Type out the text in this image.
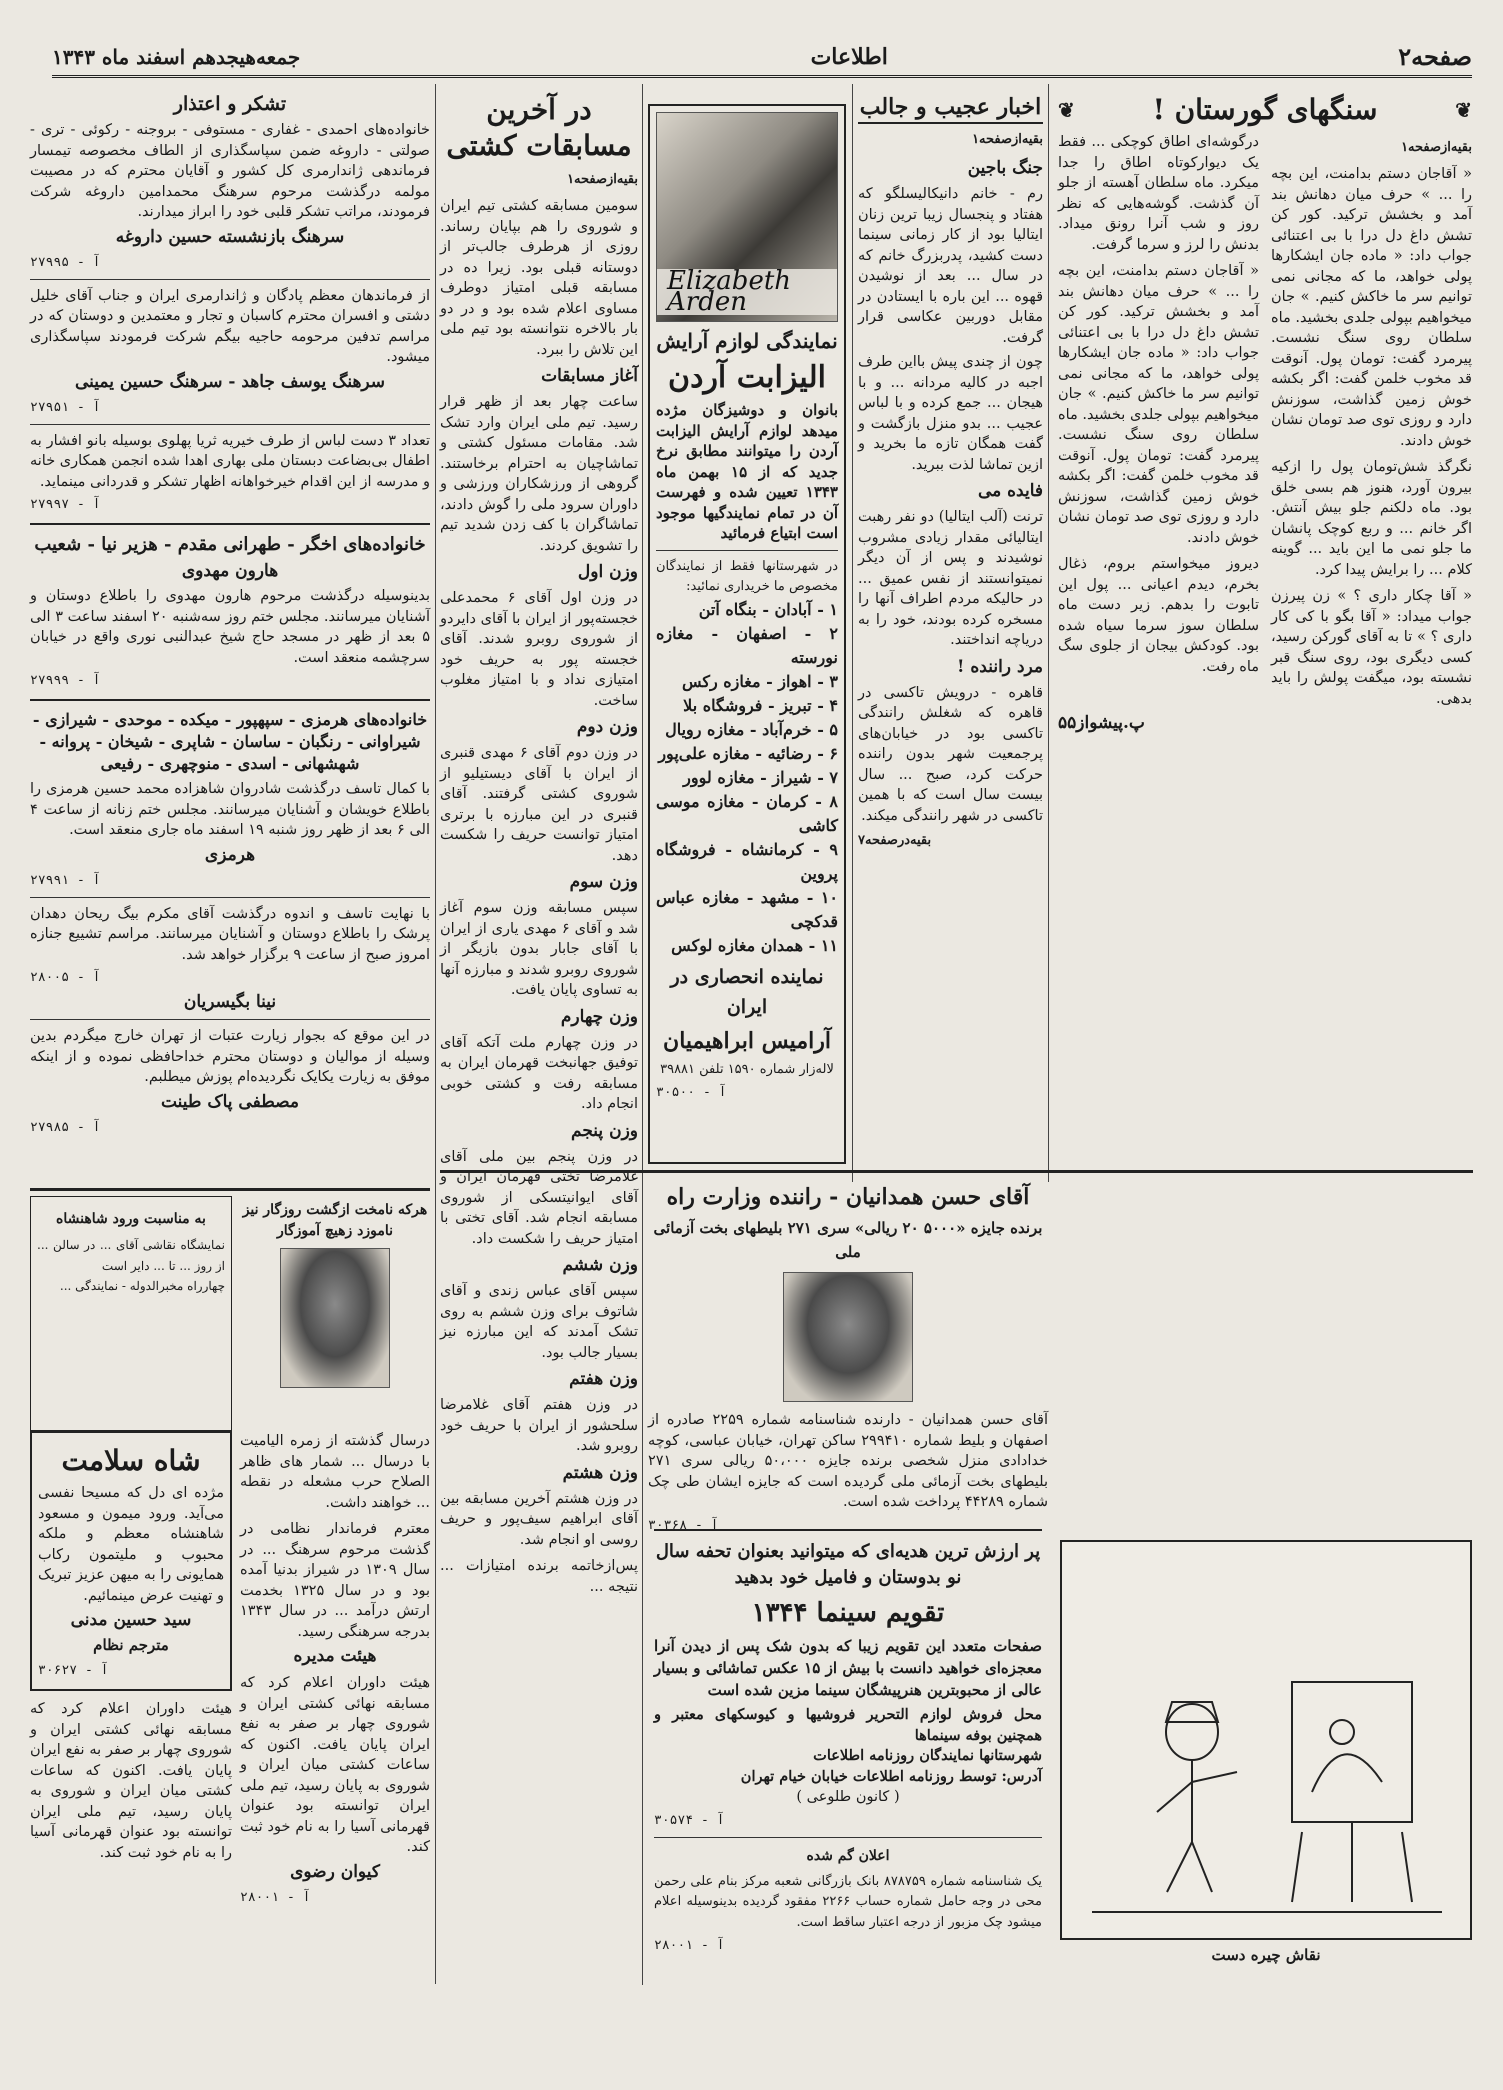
صفحه۲
اطلاعات
جمعه‌هیجدهم اسفند ماه ۱۳۴۳
❦
سنگهای گورستان !
❦
بقیه‌ازصفحه۱

« آقاجان دستم بدامنت، این بچه را ... » حرف میان دهانش بند آمد و بخشش ترکید. کور کن تشش داغ دل درا با بی اعتنائی جواب داد: « ماده جان ایشکارها پولی خواهد، ما که مجانی نمی توانیم سر ما خاکش کنیم. » جان میخواهیم بپولی جلدی بخشید. ماه سلطان روی سنگ نشست. پیرمرد گفت: تومان پول. آنوقت قد مخوب خلمن گفت: اگر بکشه خوش زمین گذاشت، سوزنش دارد و روزی توی صد تومان نشان خوش دادند.

نگرگذ شش‌تومان پول را ازکیه بیرون آورد، هنوز هم بسی خلق بود. ماه دلکنم جلو بیش آنتش. اگر خانم ... و ربع کوچک پانشان ما جلو نمی ما این باید ... گوینه کلام ... را برایش پیدا کرد.

« آقا چکار داری ؟ » زن پیرزن جواب میداد: ‌« آقا بگو با کی کار داری ؟ » تا به آقای گورکن رسید، کسی دیگری بود، روی سنگ قبر نشسته بود، میگفت پولش را باید بدهی.

درگوشه‌ای اطاق کوچکی ... فقط یک دیوارکوتاه اطاق را جدا میکرد. ماه سلطان آهسته از جلو آن گذشت. گوشه‌هایی که نظر روز و شب آنرا رونق میداد. بدنش را لرز و سرما گرفت.

« آقاجان دستم بدامنت، این بچه را ... » حرف میان دهانش بند آمد و بخشش ترکید. کور کن تشش داغ دل درا با بی اعتنائی جواب داد: « ماده جان ایشکارها پولی خواهد، ما که مجانی نمی توانیم سر ما خاکش کنیم. » جان میخواهیم بپولی جلدی بخشید. ماه سلطان روی سنگ نشست. پیرمرد گفت: تومان پول. آنوقت قد مخوب خلمن گفت: اگر بکشه خوش زمین گذاشت، سوزنش دارد و روزی توی صد تومان نشان خوش دادند.

دیروز میخواستم بروم، ذغال بخرم، دیدم اعیانی ... پول این تابوت را بدهم. زیر دست ماه سلطان سوز سرما سیاه شده بود. کودکش بیجان از جلوی سگ ماه رفت.

پ.پیشواز۵۵
اخبار عجیب و جالب
بقیه‌ازصفحه۱
جنگ باجین

رم - خانم دانیکالیسلگو که هفتاد و پنجسال زیبا ترین زنان ایتالیا بود از کار زمانی سینما دست کشید، پدربزرگ خانم که در سال ... بعد از نوشیدن قهوه ... این باره با ایستادن در مقابل دوربین عکاسی قرار گرفت.

چون از چندی پیش بااین طرف اجبه در کالیه مردانه ... و با هیجان ... جمع کرده و با لباس عجیب ... بدو منزل بازگشت و گفت همگان تازه ما بخرید و ازین تماشا لذت ببرید.

فایده می

ترنت (آلب ایتالیا) دو نفر رهبت ایتالیائی مقدار زیادی مشروب نوشیدند و پس از آن دیگر نمیتوانستند از نفس عمیق ... در حالیکه مردم اطراف آنها را مسخره کرده بودند، خود را به دریاچه انداختند.

مرد راننده !

قاهره - درویش تاکسی در قاهره که شغلش رانندگی تاکسی بود در خیابان‌های پرجمعیت شهر بدون راننده حرکت کرد، صبح ... سال بیست سال است که با همین تاکسی در شهر رانندگی میکند.

بقیه‌درصفحه۷
Elizabeth Arden
نمایندگی لوازم آرایش
الیزابت آردن

بانوان و دوشیزگان مژده میدهد لوازم آرایش الیزابت آردن را میتوانند مطابق نرخ جدید که از ۱۵ بهمن ماه ۱۳۴۳ تعیین شده و فهرست آن در تمام نمایندگیها موجود است ابتیاع فرمائید

در شهرستانها فقط از نمایندگان مخصوص ما خریداری نمائید:

۱ - آبادان - بنگاه آتن
۲ - اصفهان - مغازه نورسته
۳ - اهواز - مغازه رکس
۴ - تبریز - فروشگاه بلا
۵ - خرم‌آباد - مغازه رویال
۶ - رضائیه - مغازه علی‌پور
۷ - شیراز - مغازه لوور
۸ - کرمان - مغازه موسی کاشی
۹ - کرمانشاه - فروشگاه پروین
۱۰ - مشهد - مغازه عباس قدکچی
۱۱ - همدان مغازه لوکس
نماینده انحصاری در ایران
آرامیس ابراهیمیان

لاله‌زار شماره ۱۵۹۰ تلفن ۳۹۸۸۱

آ - ۳۰۵۰۰
در آخرین مسابقات کشتی
بقیه‌ازصفحه۱

سومین مسابقه کشتی تیم ایران و شوروی را هم بپایان رساند. روزی از هرطرف جالب‌تر از دوستانه قبلی بود. زیرا ده در مسابقه قبلی امتیاز دوطرف مساوی اعلام شده بود و در دو بار بالاخره نتوانسته بود تیم ملی این تلاش را ببرد.

آغاز مسابقات

ساعت چهار بعد از ظهر قرار رسید. تیم ملی ایران وارد تشک شد. مقامات مسئول کشتی و تماشاچیان به احترام برخاستند. گروهی از ورزشکاران ورزشی و داوران سرود ملی را گوش دادند، تماشاگران با کف زدن شدید تیم را تشویق کردند.

وزن اول

در وزن اول آقای ۶ محمدعلی خجسته‌پور از ایران با آقای دایردو از شوروی روبرو شدند. آقای خجسته پور به حریف خود امتیازی نداد و با امتیاز مغلوب ساخت.

وزن دوم

در وزن دوم آقای ۶ مهدی‌ قنبری از ایران با آقای دیستیلیو از شوروی کشتی گرفتند. آقای قنبری در این مبارزه با برتری امتیاز توانست حریف را شکست دهد.

وزن سوم

سپس مسابقه وزن سوم آغاز شد و آقای ۶ مهدی یاری از ایران با آقای جابار بدون بازیگر از شوروی روبرو شدند و مبارزه آنها به تساوی پایان یافت.

وزن چهارم

در وزن چهارم ملت آتکه آقای توفیق جهانبخت قهرمان ایران به مسابقه رفت و کشتی خوبی انجام داد.

وزن پنجم

در وزن پنجم بین ملی آقای غلامرضا تختی قهرمان ایران و آقای ایوانیتسکی از شوروی مسابقه انجام شد. آقای تختی با امتیاز حریف را شکست داد.

وزن ششم

سپس آقای عباس زندی و آقای شاتوف برای وزن ششم به روی تشک آمدند که این مبارزه نیز بسیار جالب بود.

وزن هفتم

در وزن هفتم آقای غلامرضا سلحشور از ایران با حریف خود روبرو شد.

وزن هشتم

در وزن هشتم آخرین مسابقه بین آقای ابراهیم سیف‌پور و حریف روسی او انجام شد.

پس‌ازخاتمه برنده امتیازات ... نتیجه ...

تشکر و اعتذار

خانواده‌های احمدی - غفاری - مستوفی - بروجنه - رکوئی - تری - صولتی - داروغه ضمن سپاسگذاری از الطاف مخصوصه تیمسار فرماندهی ژاندارمری کل کشور و آقایان محترم که در مصیبت مولمه درگذشت مرحوم سرهنگ محمدامین داروغه شرکت فرمودند، مراتب تشکر قلبی خود را ابراز میدارند.

سرهنگ بازنشسته حسین داروغه
آ - ۲۷۹۹۵

از فرماندهان معظم پادگان و ژاندارمری ایران و جناب آقای خلیل دشتی و افسران محترم کاسبان و تجار و معتمدین و دوستان که در مراسم تدفین مرحومه حاجیه بیگم شرکت فرمودند سپاسگذاری میشود.

سرهنگ یوسف جاهد - سرهنگ حسین یمینی
آ - ۲۷۹۵۱

تعداد ۳ دست لباس از طرف خیریه ثریا پهلوی بوسیله بانو افشار به اطفال بی‌بضاعت دبستان ملی بهاری اهدا شده انجمن همکاری خانه و مدرسه از این اقدام خیرخواهانه اظهار تشکر و قدردانی مینماید.

آ - ۲۷۹۹۷
خانواده‌های اخگر - طهرانی مقدم - هزیر نیا - شعیب
هارون مهدوی

بدینوسیله درگذشت مرحوم هارون مهدوی را باطلاع دوستان و آشنایان میرسانند. مجلس ختم روز سه‌شنبه ۲۰ اسفند ساعت ۳ الی ۵ بعد از ظهر در مسجد حاج شیخ عبدالنبی نوری واقع در خیابان سرچشمه منعقد است.

آ - ۲۷۹۹۹
خانواده‌های هرمزی - سپهپور - میکده - موحدی - شیرازی - شیراوانی - رنگبان - ساسان - شاپری - شیخان - پروانه - شهشهانی - اسدی - منوچهری - رفیعی

با کمال تاسف درگذشت شادروان شاهزاده محمد حسین هرمزی را باطلاع خویشان و آشنایان میرسانند. مجلس ختم زنانه از ساعت ۴ الی ۶ بعد از ظهر روز شنبه ۱۹ اسفند ماه جاری منعقد است.

هرمزی
آ - ۲۷۹۹۱

با نهایت تاسف و اندوه درگذشت آقای مکرم بیگ ریحان دهدان پرشک را باطلاع دوستان و آشنایان میرسانند. مراسم تشییع جنازه امروز صبح از ساعت ۹ برگزار خواهد شد.

آ - ۲۸۰۰۵
نینا بگیسریان

در این موقع که بجوار زیارت عتبات از تهران خارج میگردم بدین وسیله از موالیان و دوستان محترم خداحافظی نموده و از اینکه موفق به زیارت یکایک نگردیده‌ام پوزش میطلبم.

مصطفی پاک طینت
آ - ۲۷۹۸۵
هرکه نامخت ازگشت روزگار نیز ناموزد زهیچ آموزگار
به مناسبت ورود شاهنشاه

نمایشگاه نقاشی آقای ... در سالن ... از روز ... تا ... دایر است

چهارراه مخبرالدوله - نمایندگی ...

درسال گذشته از زمره الیامیت با درسال ... شمار های ظاهر الصلاح حرب مشعله در نقطه ... خواهند داشت.

معترم فرماندار نظامی در گذشت مرحوم سرهنگ ... در سال ۱۳۰۹ در شیراز بدنیا آمده بود و در سال ۱۳۲۵ بخدمت ارتش درآمد ... در سال ۱۳۴۳ بدرجه سرهنگی رسید.

هیئت مدیره

هیئت داوران اعلام کرد که مسابقه نهائی کشتی ایران و شوروی چهار بر صفر به نفع ایران پایان یافت. اکنون که ساعات کشتی میان ایران و شوروی به پایان رسید، تیم ملی ایران توانسته بود عنوان قهرمانی آسیا را به نام خود ثبت کند.

کیوان رضوی
آ - ۲۸۰۰۱
شاه سلامت

مژده ای دل که مسیحا نفسی می‌آید. ورود میمون و مسعود شاهنشاه معظم و ملکه محبوب و ملیتمون رکاب همایونی را به میهن عزیز تبریک و تهنیت عرض مینمائیم.

سید حسین مدنی
مترجم نظام
آ - ۳۰۶۲۷

هیئت داوران اعلام کرد که مسابقه نهائی کشتی ایران و شوروی چهار بر صفر به نفع ایران پایان یافت. اکنون که ساعات کشتی میان ایران و شوروی به پایان رسید، تیم ملی ایران توانسته بود عنوان قهرمانی آسیا را به نام خود ثبت کند.

آقای حسن همدانیان - راننده وزارت راه
برنده جایزه «۵۰۰۰ ۲۰ ریالی» سری ۲۷۱ بلیطهای بخت آزمائی ملی

آقای حسن همدانیان - دارنده شناسنامه شماره ۲۲۵۹ صادره از اصفهان و بلیط شماره ۲۹۹۴۱۰ ساکن تهران، خیابان عباسی، کوچه خدادادی منزل شخصی برنده جایزه ۵۰،۰۰۰ ریالی سری ۲۷۱ بلیطهای بخت آزمائی ملی گردیده است که جایزه ایشان طی چک شماره ۴۴۲۸۹ پرداخت شده است.

آ - ۳۰۳۶۸
پر ارزش ترین هدیه‌ای که میتوانید بعنوان تحفه سال نو بدوستان و فامیل خود بدهید
تقویم سینما ۱۳۴۴

صفحات متعدد این تقویم زیبا که بدون شک پس از دیدن آنرا معجزه‌ای خواهید دانست با بیش از ۱۵ عکس تماشائی و بسیار عالی از محبوبترین هنرپیشگان سینما مزین شده است

محل فروش لوازم التحریر فروشیها و کیوسکهای معتبر و همچنین بوفه سینماها

شهرستانها نمایندگان روزنامه اطلاعات

آدرس: توسط روزنامه اطلاعات خیابان خیام تهران

( کانون طلوعی )

آ - ۳۰۵۷۴
اعلان گم شده

یک شناسنامه شماره ۸۷۸۷۵۹ بانک بازرگانی شعبه مرکز بنام علی رحمن محی در وجه حامل شماره حساب ۲۲۶۶ مفقود گردیده بدینوسیله اعلام میشود چک مزبور از درجه اعتبار ساقط است.

آ - ۲۸۰۰۱
نقاش چیره دست
